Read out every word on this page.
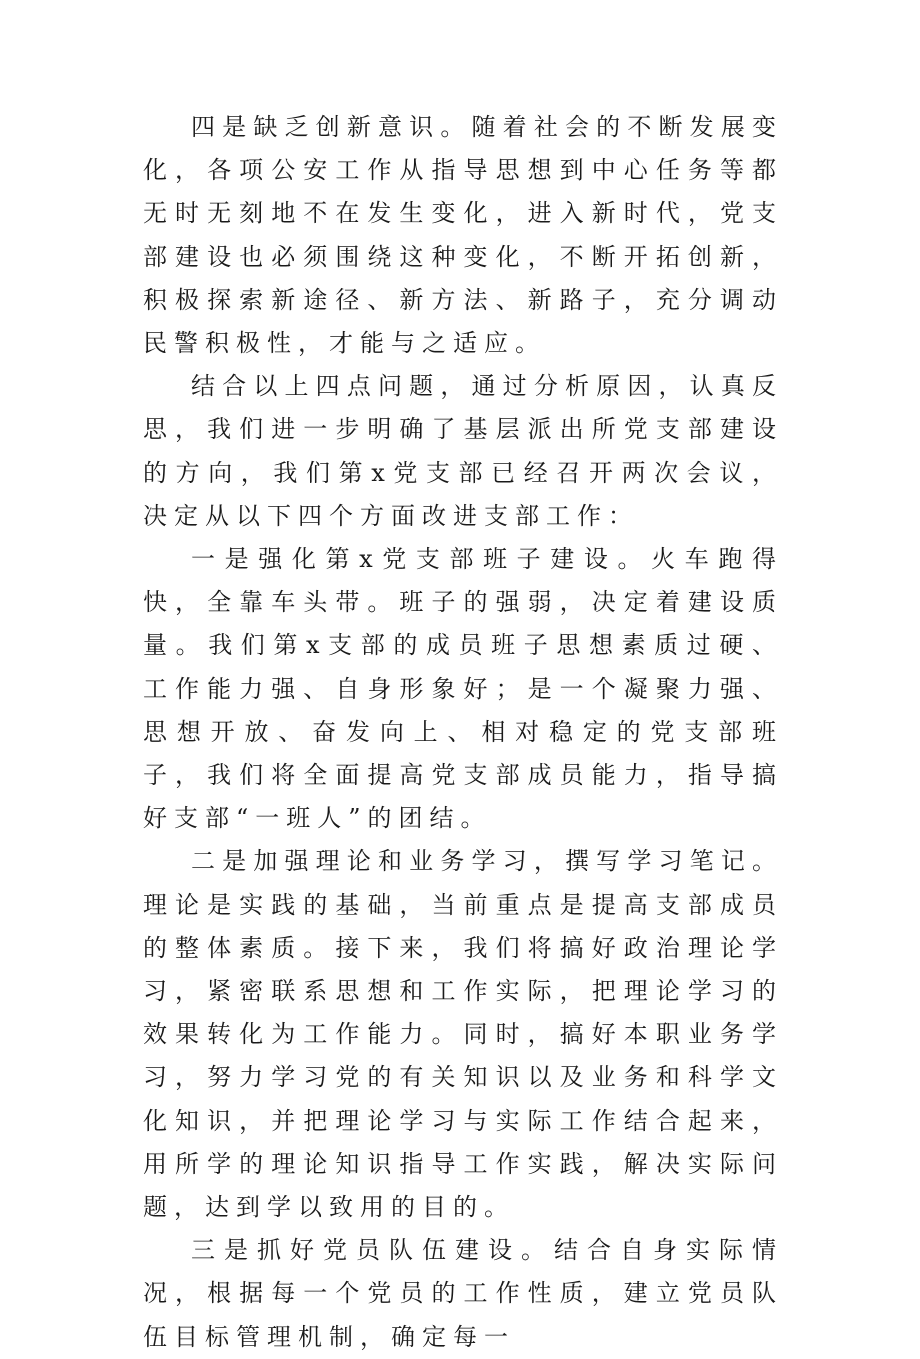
四是缺乏创新意识。随着社会的不断发展变化，各项公安工作从指导思想到中心任务等都无时无刻地不在发生变化，进入新时代，党支部建设也必须围绕这种变化，不断开拓创新，积极探索新途径、新方法、新路子，充分调动民警积极性，才能与之适应。

结合以上四点问题，通过分析原因，认真反思，我们进一步明确了基层派出所党支部建设的方向，我们第x党支部已经召开两次会议，决定从以下四个方面改进支部工作：

一是强化第x党支部班子建设。火车跑得快，全靠车头带。班子的强弱，决定着建设质量。我们第x支部的成员班子思想素质过硬、工作能力强、自身形象好；是一个凝聚力强、思想开放、奋发向上、相对稳定的党支部班子，我们将全面提高党支部成员能力，指导搞好支部“一班人”的团结。

二是加强理论和业务学习，撰写学习笔记。理论是实践的基础，当前重点是提高支部成员的整体素质。接下来，我们将搞好政治理论学习，紧密联系思想和工作实际，把理论学习的效果转化为工作能力。同时，搞好本职业务学习，努力学习党的有关知识以及业务和科学文化知识，并把理论学习与实际工作结合起来，用所学的理论知识指导工作实践，解决实际问题，达到学以致用的目的。

三是抓好党员队伍建设。结合自身实际情况，根据每一个党员的工作性质，建立党员队伍目标管理机制，确定每一
